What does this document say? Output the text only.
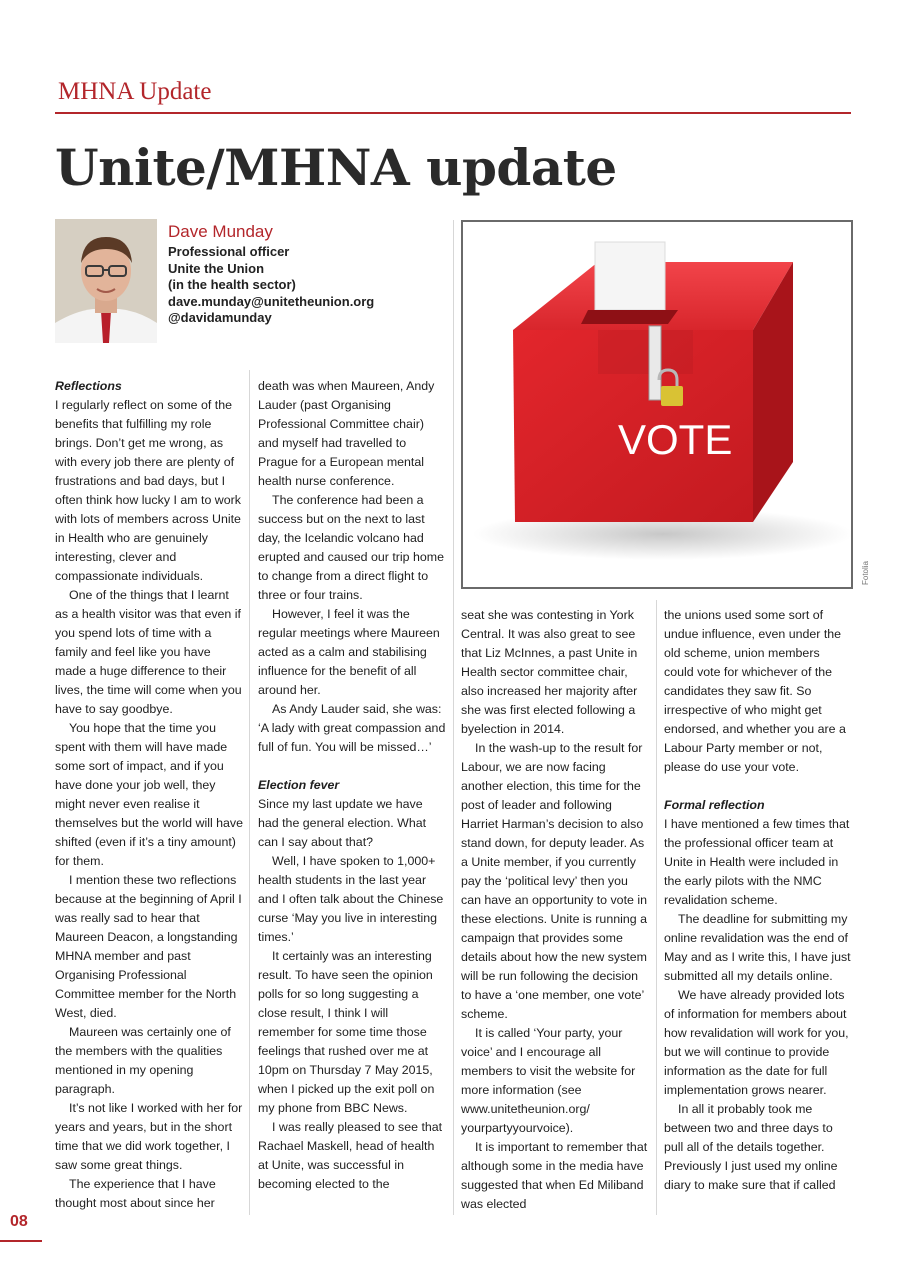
MHNA Update
Unite/MHNA update
Dave Munday
Professional officer
Unite the Union
(in the health sector)
dave.munday@unitetheunion.org
@davidamunday
VOTE
Fotolia
Reflections

I regularly reflect on some of the benefits that fulfilling my role brings. Don’t get me wrong, as with every job there are plenty of frustrations and bad days, but I often think how lucky I am to work with lots of members across Unite in Health who are genuinely interesting, clever and compassionate individuals.

One of the things that I learnt as a health visitor was that even if you spend lots of time with a family and feel like you have made a huge difference to their lives, the time will come when you have to say goodbye.

You hope that the time you spent with them will have made some sort of impact, and if you have done your job well, they might never even realise it themselves but the world will have shifted (even if it’s a tiny amount) for them.

I mention these two reflections because at the beginning of April I was really sad to hear that Maureen Deacon, a longstanding MHNA member and past Organising Professional Committee member for the North West, died.

Maureen was certainly one of the members with the qualities mentioned in my opening paragraph.

It’s not like I worked with her for years and years, but in the short time that we did work together, I saw some great things.

The experience that I have thought most about since her

death was when Maureen, Andy Lauder (past Organising Professional Committee chair) and myself had travelled to Prague for a European mental health nurse conference.

The conference had been a success but on the next to last day, the Icelandic volcano had erupted and caused our trip home to change from a direct flight to three or four trains.

However, I feel it was the regular meetings where Maureen acted as a calm and stabilising influence for the benefit of all around her.

As Andy Lauder said, she was: ‘A lady with great compassion and full of fun. You will be missed…’

Election fever

Since my last update we have had the general election. What can I say about that?

Well, I have spoken to 1,000+ health students in the last year and I often talk about the Chinese curse ‘May you live in interesting times.’

It certainly was an interesting result. To have seen the opinion polls for so long suggesting a close result, I think I will remember for some time those feelings that rushed over me at 10pm on Thursday 7 May 2015, when I picked up the exit poll on my phone from BBC News.

I was really pleased to see that Rachael Maskell, head of health at Unite, was successful in becoming elected to the

seat she was contesting in York Central. It was also great to see that Liz McInnes, a past Unite in Health sector committee chair, also increased her majority after she was first elected following a byelection in 2014.

In the wash-up to the result for Labour, we are now facing another election, this time for the post of leader and following Harriet Harman’s decision to also stand down, for deputy leader. As a Unite member, if you currently pay the ‘political levy’ then you can have an opportunity to vote in these elections. Unite is running a campaign that provides some details about how the new system will be run following the decision to have a ‘one member, one vote’ scheme.

It is called ‘Your party, your voice’ and I encourage all members to visit the website for more information (see www.unitetheunion.org/ yourpartyyourvoice).

It is important to remember that although some in the media have suggested that when Ed Miliband was elected

the unions used some sort of undue influence, even under the old scheme, union members could vote for whichever of the candidates they saw fit. So irrespective of who might get endorsed, and whether you are a Labour Party member or not, please do use your vote.

Formal reflection

I have mentioned a few times that the professional officer team at Unite in Health were included in the early pilots with the NMC revalidation scheme.

The deadline for submitting my online revalidation was the end of May and as I write this, I have just submitted all my details online.

We have already provided lots of information for members about how revalidation will work for you, but we will continue to provide information as the date for full implementation grows nearer.

In all it probably took me between two and three days to pull all of the details together. Previously I just used my online diary to make sure that if called

08
